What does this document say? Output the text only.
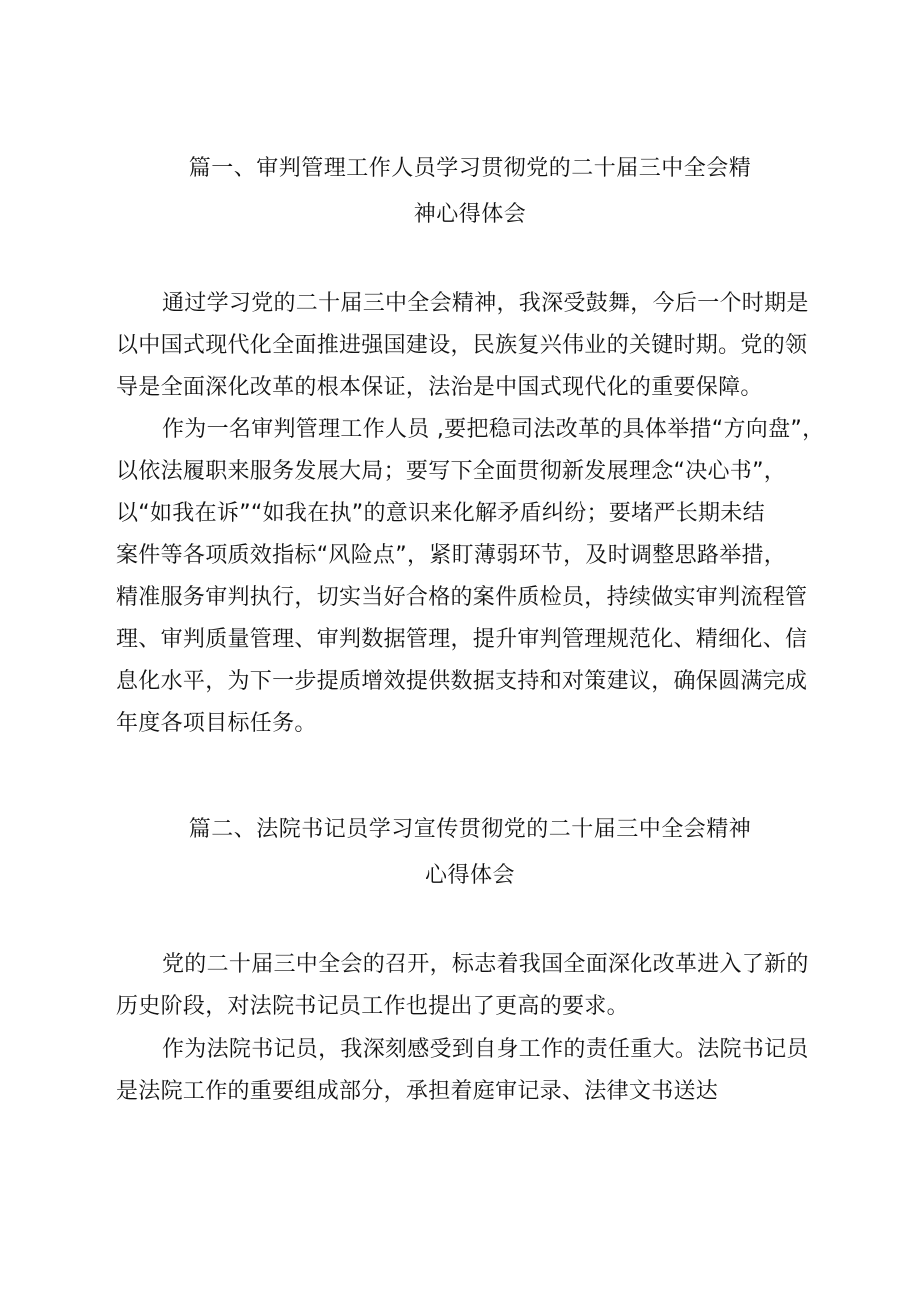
篇一、审判管理工作人员学习贯彻党的二十届三中全会精
神心得体会
通过学习党的二十届三中全会精神，我深受鼓舞，今后一个时期是
以中国式现代化全面推进强国建设，民族复兴伟业的关键时期。党的领
导是全面深化改革的根本保证，法治是中国式现代化的重要保障。
作为一名审判管理工作人员 ,要把稳司法改革的具体举措“方向盘”，
以依法履职来服务发展大局；要写下全面贯彻新发展理念“决心书”，
以“如我在诉”“如我在执”的意识来化解矛盾纠纷；要堵严长期未结
案件等各项质效指标“风险点”，紧盯薄弱环节，及时调整思路举措，
精准服务审判执行，切实当好合格的案件质检员，持续做实审判流程管
理、审判质量管理、审判数据管理，提升审判管理规范化、精细化、信
息化水平，为下一步提质增效提供数据支持和对策建议，确保圆满完成
年度各项目标任务。
篇二、法院书记员学习宣传贯彻党的二十届三中全会精神
心得体会
党的二十届三中全会的召开，标志着我国全面深化改革进入了新的
历史阶段，对法院书记员工作也提出了更高的要求。
作为法院书记员，我深刻感受到自身工作的责任重大。法院书记员
是法院工作的重要组成部分，承担着庭审记录、法律文书送达
